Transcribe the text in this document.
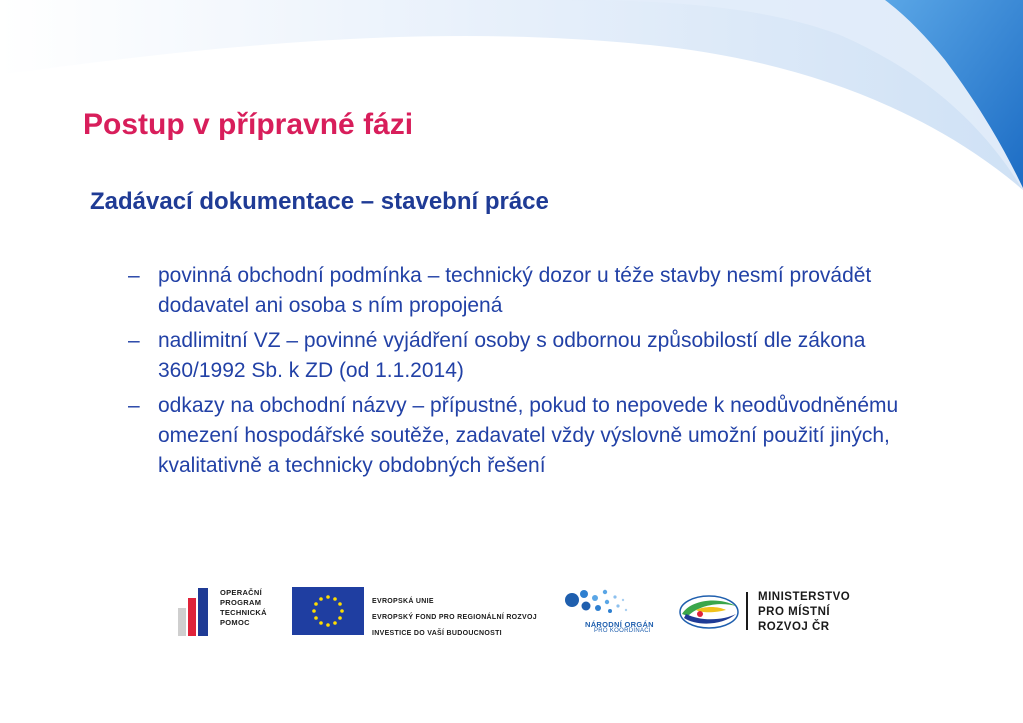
Postup v přípravné fázi
Zadávací dokumentace – stavební práce
– povinná obchodní podmínka – technický dozor u téže stavby nesmí provádět dodavatel ani osoba s ním propojená
– nadlimitní VZ – povinné vyjádření osoby s odbornou způsobilostí dle zákona 360/1992 Sb. k ZD (od 1.1.2014)
– odkazy na obchodní názvy – přípustné, pokud to nepovede k neodůvodněnému omezení hospodářské soutěže, zadavatel vždy výslovně umožní použití jiných, kvalitativně a technicky obdobných řešení
OPERAČNÍ PROGRAM TECHNICKÁ POMOC
EVROPSKÁ UNIE
EVROPSKÝ FOND PRO REGIONÁLNÍ ROZVOJ
INVESTICE DO VAŠÍ BUDOUCNOSTI
NÁRODNÍ ORGÁN
PRO KOORDINACI
MINISTERSTVO PRO MÍSTNÍ ROZVOJ ČR
